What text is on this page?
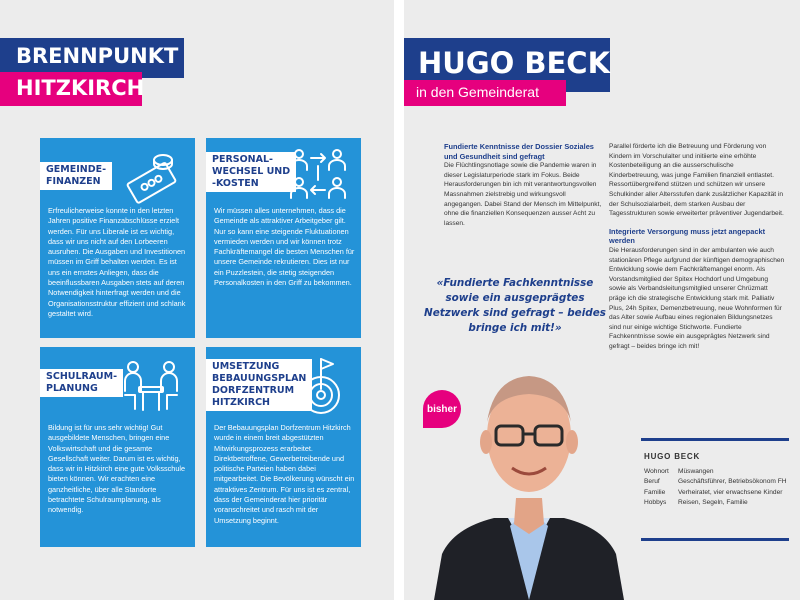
BRENNPUNKT
HITZKIRCH
GEMEINDE-
FINANZEN
Erfreulicherweise konnte in den letzten Jahren positive Finanzabschlüsse erzielt werden. Für uns Liberale ist es wichtig, dass wir uns nicht auf den Lorbeeren ausruhen. Die Ausgaben und Investitionen müssen im Griff behalten werden. Es ist uns ein ernstes Anliegen, dass die beeinflussbaren Ausgaben stets auf deren Notwendigkeit hinterfragt werden und die Organisationsstruktur effizient und schlank gestaltet wird.
PERSONAL-
WECHSEL UND
-KOSTEN
Wir müssen alles unternehmen, dass die Gemeinde als attraktiver Arbeitgeber gilt. Nur so kann eine steigende Fluktuationen vermieden werden und wir können trotz Fachkräftemangel die besten Menschen für unsere Gemeinde rekrutieren. Dies ist nur ein Puzzlestein, die stetig steigenden Personalkosten in den Griff zu bekommen.
SCHULRAUM-
PLANUNG
Bildung ist für uns sehr wichtig! Gut ausgebildete Menschen, bringen eine Volkswirtschaft und die gesamte Gesellschaft weiter. Darum ist es wichtig, dass wir in Hitzkirch eine gute Volksschule bieten können. Wir erachten eine ganzheitliche, über alle Standorte betrachtete Schulraumplanung, als notwendig.
UMSETZUNG
BEBAUUNGSPLAN
DORFZENTRUM
HITZKIRCH
Der Bebauungsplan Dorfzentrum Hitzkirch wurde in einem breit abgestützten Mitwirkungsprozess erarbeitet. Direktbetroffene, Gewerbetreibende und politische Parteien haben dabei mitgearbeitet. Die Bevölkerung wünscht ein attraktives Zentrum. Für uns ist es zentral, dass der Gemeinderat hier prioritär voranschreitet und rasch mit der Umsetzung beginnt.
HUGO BECK
in den Gemeinderat
Fundierte Kenntnisse der Dossier Soziales und Gesundheit sind gefragt

Die Flüchtlingsnotlage sowie die Pandemie waren in dieser Legislaturperiode stark im Fokus. Beide Herausforderungen bin ich mit verantwortungsvollen Massnahmen zielstrebig und wirkungsvoll angegangen. Dabei Stand der Mensch im Mittelpunkt, ohne die finanziellen Konsequenzen ausser Acht zu lassen.

Parallel förderte ich die Betreuung und Förderung von Kindern im Vorschulalter und initiierte eine erhöhte Kostenbeteiligung an die ausserschulische Kinderbetreuung, was junge Familien finanziell entlastet. Ressortübergreifend stützen und schützen wir unsere Schulkinder aller Altersstufen dank zusätzlicher Kapazität in der Schulsozialarbeit, dem starken Ausbau der Tagesstrukturen sowie erweiterter präventiver Jugendarbeit.

Integrierte Versorgung muss jetzt angepackt werden

Die Herausforderungen sind in der ambulanten wie auch stationären Pflege aufgrund der künftigen demographischen Entwicklung sowie dem Fachkräftemangel enorm. Als Vorstandsmitglied der Spitex Hochdorf und Umgebung sowie als Verbandsleitungsmitglied unserer Chrüzmatt präge ich die strategische Entwicklung stark mit. Palliativ Plus, 24h Spitex, Demenzbetreuung, neue Wohnformen für das Alter sowie Aufbau eines regionalen Bildungsnetzes sind nur einige wichtige Stichworte. Fundierte Fachkenntnisse sowie ein ausgeprägtes Netzwerk sind gefragt – beides bringe ich mit!

«Fundierte Fachkenntnisse sowie ein ausgeprägtes Netzwerk sind gefragt – beides bringe ich mit!»
bisher
HUGO BECK
Wohnort	Müswangen
Beruf	Geschäftsführer, Betriebsökonom FH
Familie	Verheiratet, vier erwachsene Kinder
Hobbys	Reisen, Segeln, Familie
